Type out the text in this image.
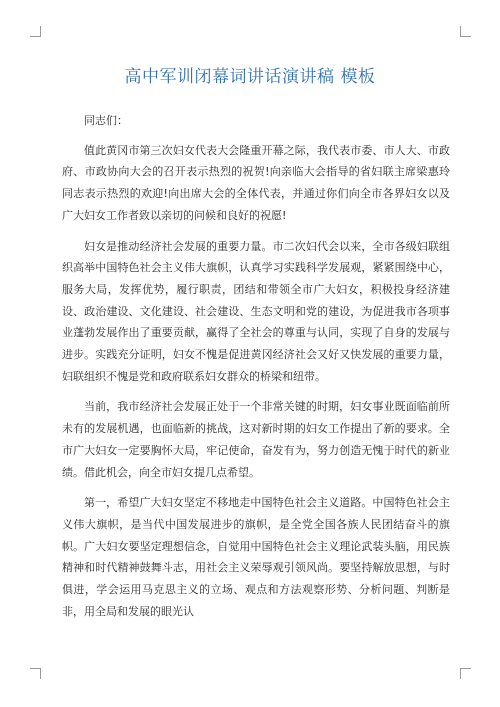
高中军训闭幕词讲话演讲稿 模板

同志们：

值此黄冈市第三次妇女代表大会隆重开幕之际，我代表市委、市人大、市政府、市政协向大会的召开表示热烈的祝贺!向亲临大会指导的省妇联主席梁惠玲同志表示热烈的欢迎!向出席大会的全体代表，并通过你们向全市各界妇女以及广大妇女工作者致以亲切的问候和良好的祝愿!

妇女是推动经济社会发展的重要力量。市二次妇代会以来，全市各级妇联组织高举中国特色社会主义伟大旗帜，认真学习实践科学发展观，紧紧围绕中心，服务大局，发挥优势，履行职责，团结和带领全市广大妇女，积极投身经济建设、政治建设、文化建设、社会建设、生态文明和党的建设，为促进我市各项事业蓬勃发展作出了重要贡献，赢得了全社会的尊重与认同，实现了自身的发展与进步。实践充分证明，妇女不愧是促进黄冈经济社会又好又快发展的重要力量，妇联组织不愧是党和政府联系妇女群众的桥梁和纽带。

当前，我市经济社会发展正处于一个非常关键的时期，妇女事业既面临前所未有的发展机遇，也面临新的挑战，这对新时期的妇女工作提出了新的要求。全市广大妇女一定要胸怀大局，牢记使命，奋发有为，努力创造无愧于时代的新业绩。借此机会，向全市妇女提几点希望。

第一，希望广大妇女坚定不移地走中国特色社会主义道路。中国特色社会主义伟大旗帜，是当代中国发展进步的旗帜，是全党全国各族人民团结奋斗的旗帜。广大妇女要坚定理想信念，自觉用中国特色社会主义理论武装头脑，用民族精神和时代精神鼓舞斗志，用社会主义荣辱观引领风尚。要坚持解放思想，与时俱进，学会运用马克思主义的立场、观点和方法观察形势、分析问题、判断是非，用全局和发展的眼光认
